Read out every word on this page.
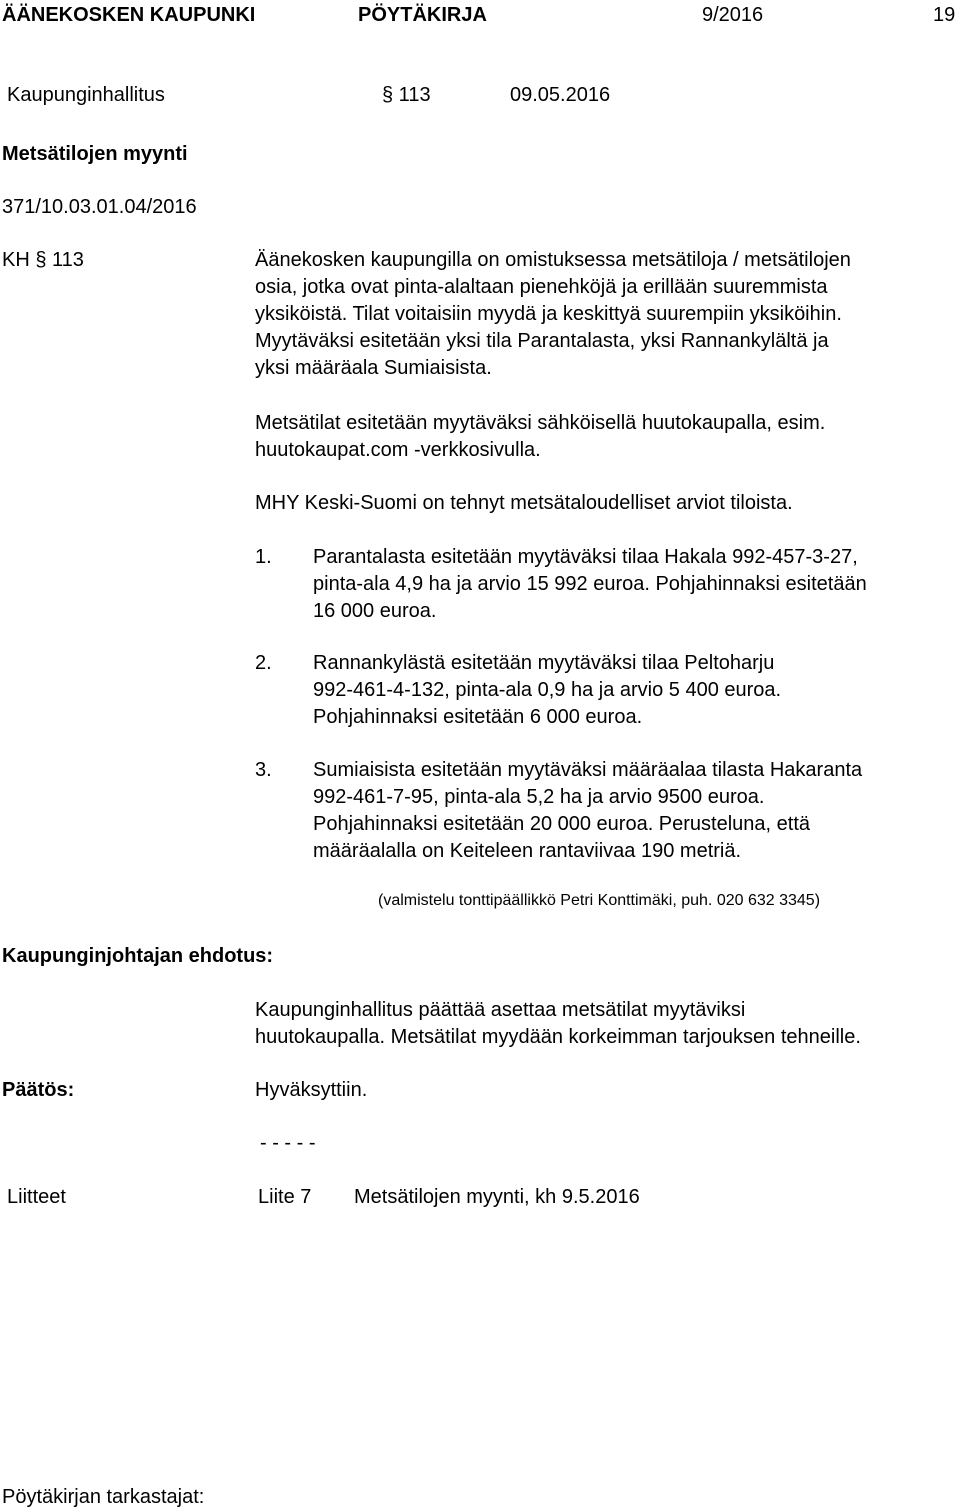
ÄÄNEKOSKEN KAUPUNKI	PÖYTÄKIRJA	9/2016	19
Kaupunginhallitus	§ 113	09.05.2016
Metsätilojen myynti
371/10.03.01.04/2016
KH § 113	Äänekosken kaupungilla on omistuksessa metsätiloja / metsätilojen

osia, jotka ovat pinta-alaltaan pienehköjä ja erillään suuremmista

yksiköistä. Tilat voitaisiin myydä ja keskittyä suurempiin yksiköihin.

Myytäväksi esitetään yksi tila Parantalasta, yksi Rannankylältä ja

yksi määräala Sumiaisista.

Metsätilat esitetään myytäväksi sähköisellä huutokaupalla, esim.

huutokaupat.com -verkkosivulla.

MHY Keski-Suomi on tehnyt metsätaloudelliset arviot tiloista.
1. Parantalasta esitetään myytäväksi tilaa Hakala 992-457-3-27,

pinta-ala 4,9 ha ja arvio 15 992 euroa. Pohjahinnaksi esitetään

16 000 euroa.

2. Rannankylästä esitetään myytäväksi tilaa Peltoharju

992-461-4-132, pinta-ala 0,9 ha ja arvio 5 400 euroa.

Pohjahinnaksi esitetään 6 000 euroa.

3. Sumiaisista esitetään myytäväksi määräalaa tilasta Hakaranta

992-461-7-95, pinta-ala 5,2 ha ja arvio 9500 euroa.

Pohjahinnaksi esitetään 20 000 euroa. Perusteluna, että

määräalalla on Keiteleen rantaviivaa 190 metriä.

(valmistelu tonttipäällikkö Petri Konttimäki, puh. 020 632 3345)
Kaupunginjohtajan ehdotus:

Kaupunginhallitus päättää asettaa metsätilat myytäviksi

huutokaupalla. Metsätilat myydään korkeimman tarjouksen tehneille.

Päätös:	Hyväksyttiin.
- - - - -
Liitteet	Liite 7 Metsätilojen myynti, kh 9.5.2016
Pöytäkirjan tarkastajat:
